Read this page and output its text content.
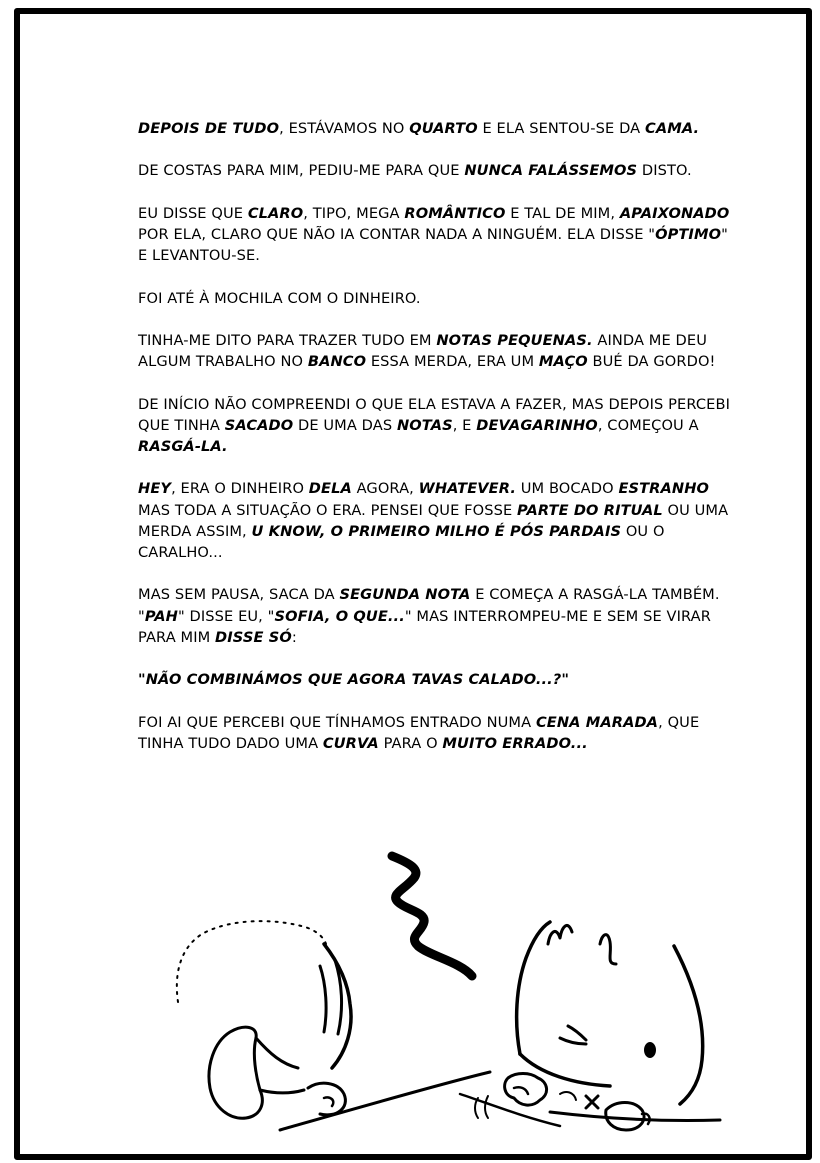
DEPOIS DE TUDO, ESTÁVAMOS NO QUARTO E ELA SENTOU-SE DA CAMA.

DE COSTAS PARA MIM, PEDIU-ME PARA QUE NUNCA FALÁSSEMOS DISTO.

EU DISSE QUE CLARO, TIPO, MEGA ROMÂNTICO E TAL DE MIM, APAIXONADO POR ELA, CLARO QUE NÃO IA CONTAR NADA A NINGUÉM. ELA DISSE "ÓPTIMO" E LEVANTOU-SE.

FOI ATÉ À MOCHILA COM O DINHEIRO.

TINHA-ME DITO PARA TRAZER TUDO EM NOTAS PEQUENAS. AINDA ME DEU ALGUM TRABALHO NO BANCO ESSA MERDA, ERA UM MAÇO BUÉ DA GORDO!

DE INÍCIO NÃO COMPREENDI O QUE ELA ESTAVA A FAZER, MAS DEPOIS PERCEBI QUE TINHA SACADO DE UMA DAS NOTAS, E DEVAGARINHO, COMEÇOU A RASGÁ-LA.

HEY, ERA O DINHEIRO DELA AGORA, WHATEVER. UM BOCADO ESTRANHO MAS TODA A SITUAÇÃO O ERA. PENSEI QUE FOSSE PARTE DO RITUAL OU UMA MERDA ASSIM, U KNOW, O PRIMEIRO MILHO É PÓS PARDAIS OU O CARALHO...

MAS SEM PAUSA, SACA DA SEGUNDA NOTA E COMEÇA A RASGÁ-LA TAMBÉM. "PAH" DISSE EU, "SOFIA, O QUE..." MAS INTERROMPEU-ME E SEM SE VIRAR PARA MIM DISSE SÓ:

"NÃO COMBINÁMOS QUE AGORA TAVAS CALADO...?"

FOI AI QUE PERCEBI QUE TÍNHAMOS ENTRADO NUMA CENA MARADA, QUE TINHA TUDO DADO UMA CURVA PARA O MUITO ERRADO...
